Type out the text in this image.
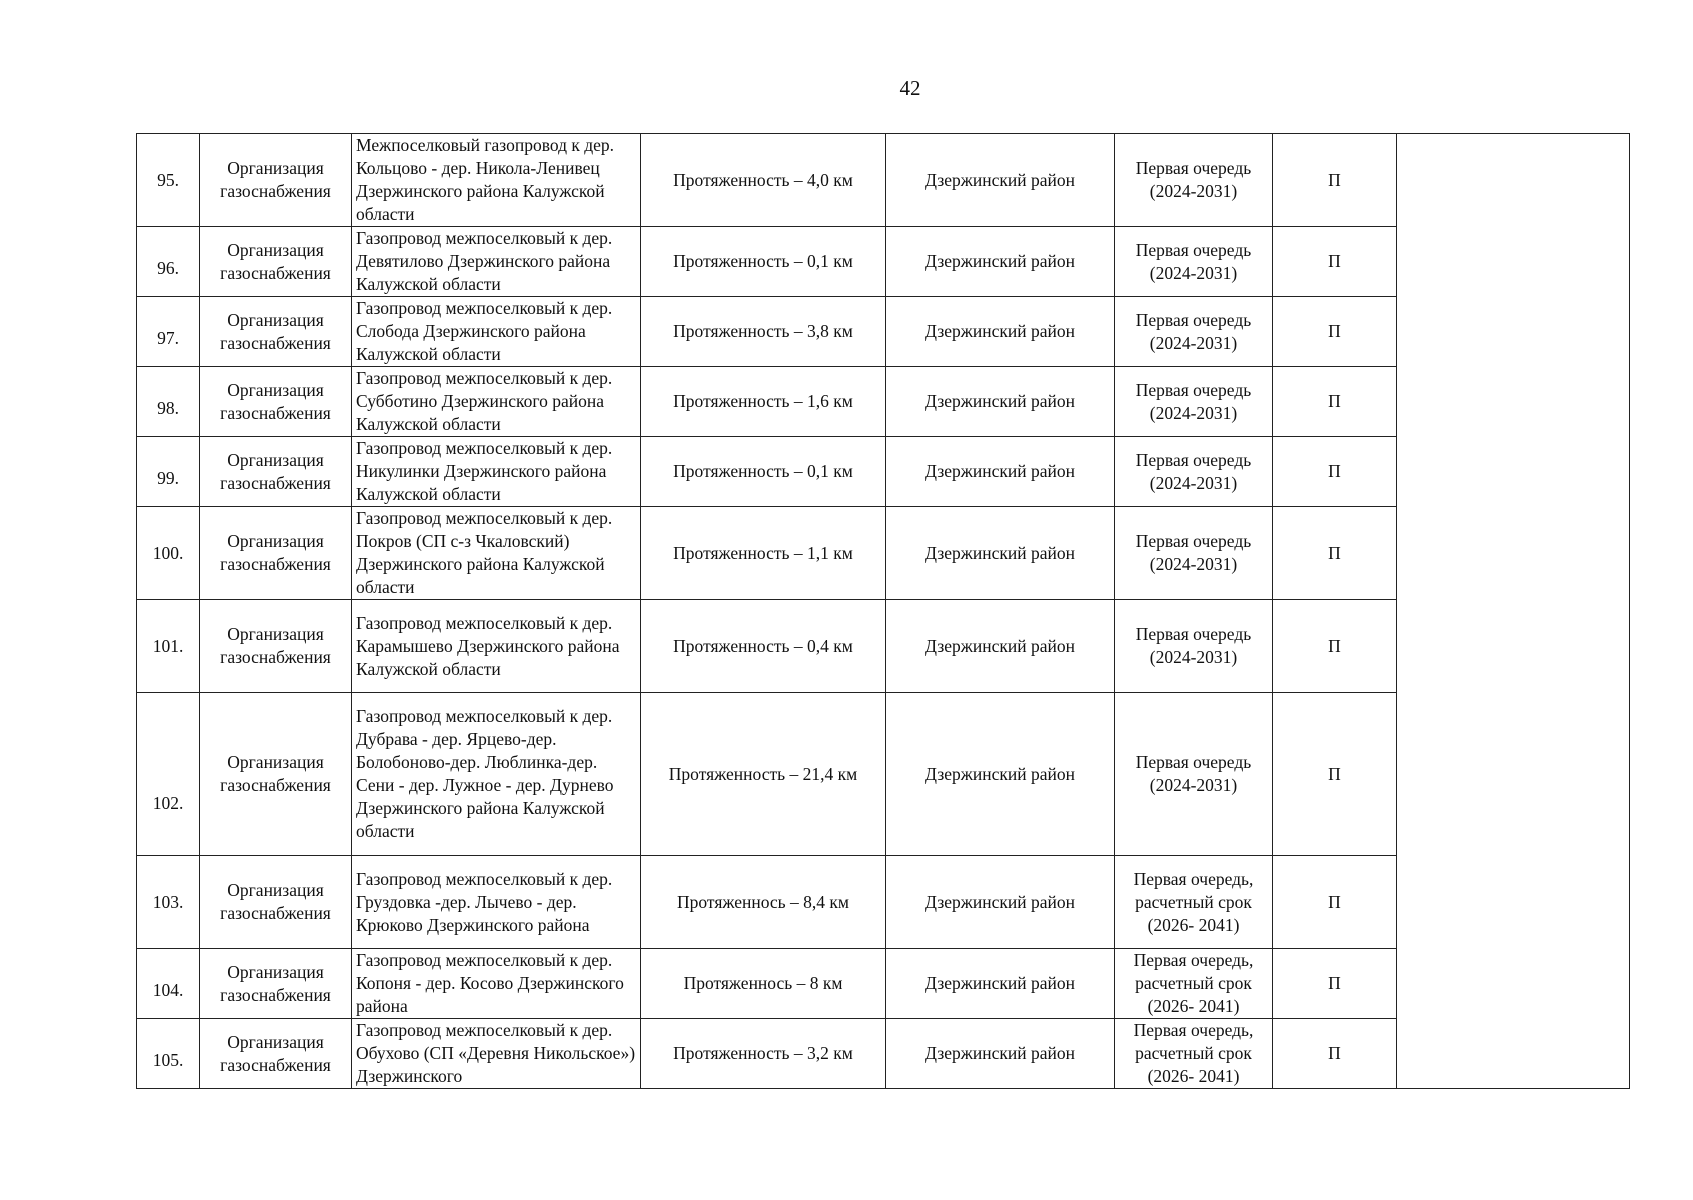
42
95.	Организация газоснабжения	Межпоселковый газопровод к дер. Кольцово - дер. Никола-Ленивец Дзержинского района Калужской области	Протяженность – 4,0 км	Дзержинский район	Первая очередь (2024-2031)	П	
96.	Организация газоснабжения	Газопровод межпоселковый к дер. Девятилово Дзержинского района Калужской области	Протяженность – 0,1 км	Дзержинский район	Первая очередь (2024-2031)	П	
97.	Организация газоснабжения	Газопровод межпоселковый к дер. Слобода Дзержинского района Калужской области	Протяженность – 3,8 км	Дзержинский район	Первая очередь (2024-2031)	П	
98.	Организация газоснабжения	Газопровод межпоселковый к дер. Субботино Дзержинского района Калужской области	Протяженность – 1,6 км	Дзержинский район	Первая очередь (2024-2031)	П	
99.	Организация газоснабжения	Газопровод межпоселковый к дер. Никулинки Дзержинского района Калужской области	Протяженность – 0,1 км	Дзержинский район	Первая очередь (2024-2031)	П	
100.	Организация газоснабжения	Газопровод межпоселковый к дер. Покров (СП с-з Чкаловский) Дзержинского района Калужской области	Протяженность – 1,1 км	Дзержинский район	Первая очередь (2024-2031)	П	
101.	Организация газоснабжения	Газопровод межпоселковый к дер. Карамышево Дзержинского района Калужской области	Протяженность – 0,4 км	Дзержинский район	Первая очередь (2024-2031)	П	
102.	Организация газоснабжения	Газопровод межпоселковый к дер. Дубрава - дер. Ярцево-дер. Болобоново-дер. Люблинка-дер. Сени - дер. Лужное - дер. Дурнево Дзержинского района Калужской области	Протяженность – 21,4 км	Дзержинский район	Первая очередь (2024-2031)	П	
103.	Организация газоснабжения	Газопровод межпоселковый к дер. Груздовка -дер. Лычево - дер. Крюково Дзержинского района	Протяженнось – 8,4 км	Дзержинский район	Первая очередь, расчетный срок (2026- 2041)	П	
104.	Организация газоснабжения	Газопровод межпоселковый к дер. Копоня - дер. Косово Дзержинского района	Протяженнось – 8 км	Дзержинский район	Первая очередь, расчетный срок (2026- 2041)	П	
105.	Организация газоснабжения	Газопровод межпоселковый к дер. Обухово (СП «Деревня Никольское») Дзержинского	Протяженность – 3,2 км	Дзержинский район	Первая очередь, расчетный срок (2026- 2041)	П	
